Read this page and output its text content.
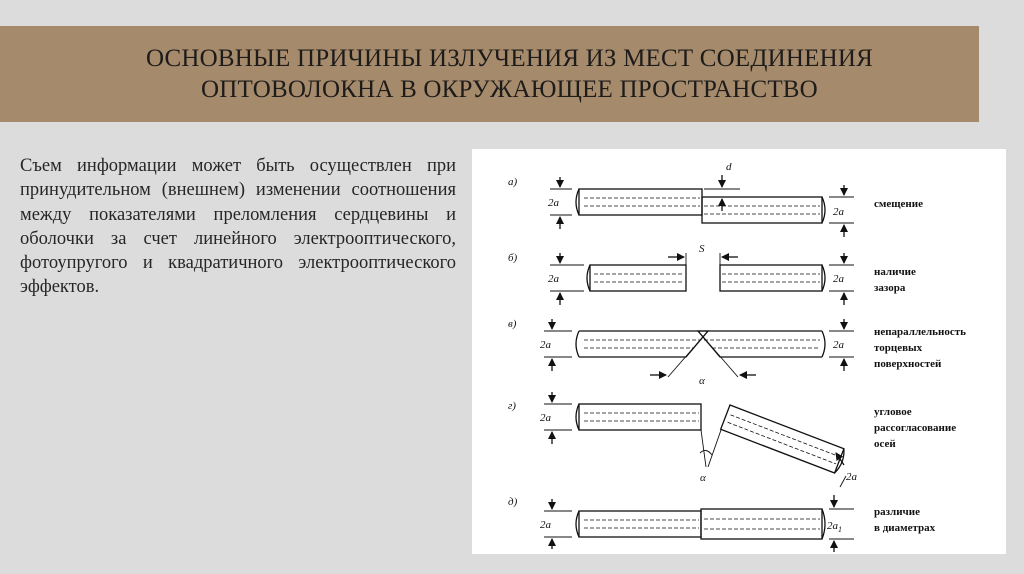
ОСНОВНЫЕ ПРИЧИНЫ ИЗЛУЧЕНИЯ ИЗ МЕСТ СОЕДИНЕНИЯ
ОПТОВОЛОКНА В ОКРУЖАЮЩЕЕ ПРОСТРАНСТВО
Съем информации может быть осуществлен при принудительном (внешнем) изменении соотношения между показателями преломления сердцевины и оболочки за счет линейного электрооптического, фотоупругого и квадратичного электрооптического эффектов.
а)
б)
в)
г)
д)
смещение
наличие
зазора
непараллельность
торцевых
поверхностей
угловое
рассогласование
осей
различие
в диаметрах
2a
2a
d
2a	2a
S
2a	2a
α
2a
2a
α
2a	$2a_1$
